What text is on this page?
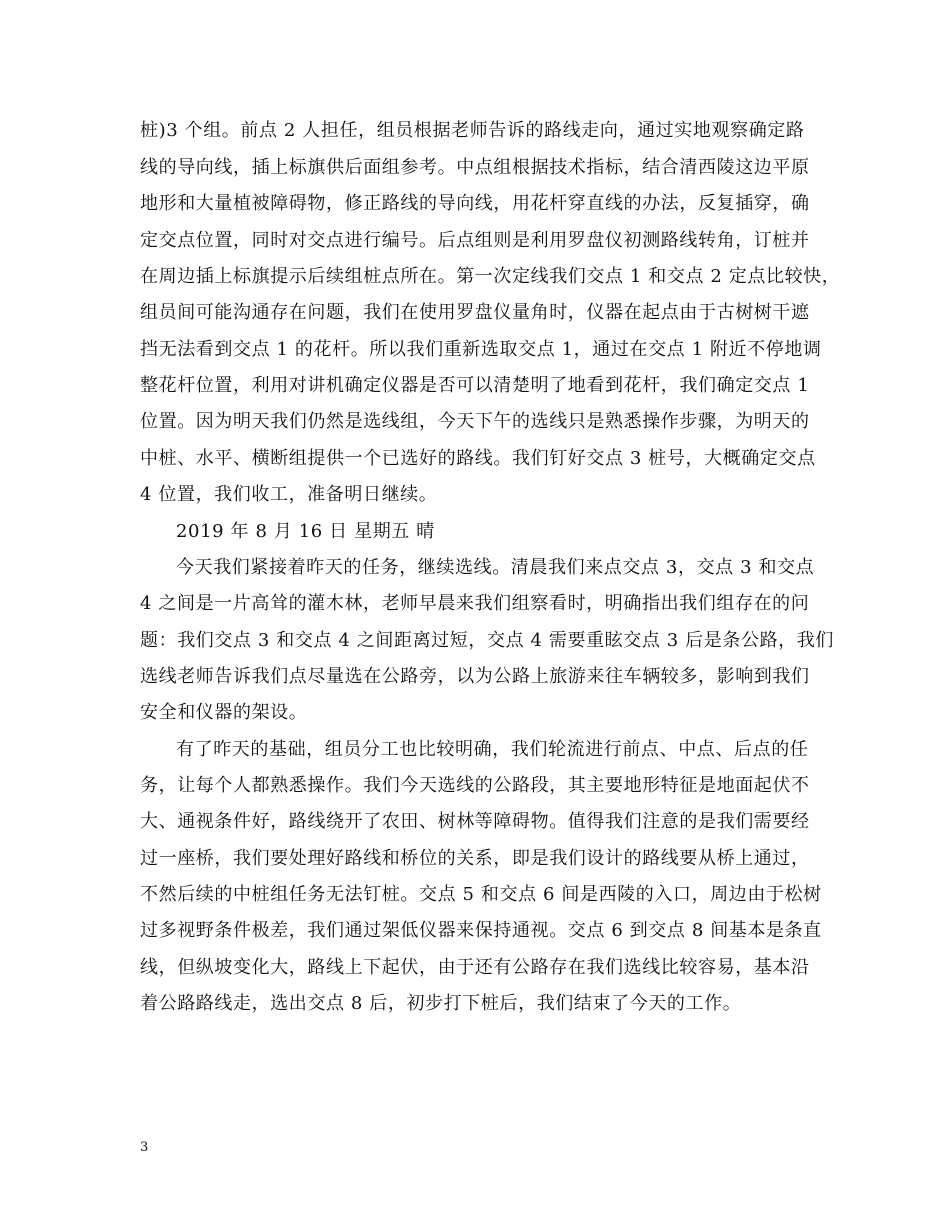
桩)3 个组。前点 2 人担任，组员根据老师告诉的路线走向，通过实地观察确定路
线的导向线，插上标旗供后面组参考。中点组根据技术指标，结合清西陵这边平原
地形和大量植被障碍物，修正路线的导向线，用花杆穿直线的办法，反复插穿，确
定交点位置，同时对交点进行编号。后点组则是利用罗盘仪初测路线转角，订桩并
在周边插上标旗提示后续组桩点所在。第一次定线我们交点 1 和交点 2 定点比较快，
组员间可能沟通存在问题，我们在使用罗盘仪量角时，仪器在起点由于古树树干遮
挡无法看到交点 1 的花杆。所以我们重新选取交点 1，通过在交点 1 附近不停地调
整花杆位置，利用对讲机确定仪器是否可以清楚明了地看到花杆，我们确定交点 1
位置。因为明天我们仍然是选线组，今天下午的选线只是熟悉操作步骤，为明天的
中桩、水平、横断组提供一个已选好的路线。我们钉好交点 3 桩号，大概确定交点
4 位置，我们收工，准备明日继续。
2019 年 8 月 16 日 星期五 晴
今天我们紧接着昨天的任务，继续选线。清晨我们来点交点 3，交点 3 和交点
4 之间是一片高耸的灌木林，老师早晨来我们组察看时，明确指出我们组存在的问
题：我们交点 3 和交点 4 之间距离过短，交点 4 需要重眩交点 3 后是条公路，我们
选线老师告诉我们点尽量选在公路旁，以为公路上旅游来往车辆较多，影响到我们
安全和仪器的架设。
有了昨天的基础，组员分工也比较明确，我们轮流进行前点、中点、后点的任
务，让每个人都熟悉操作。我们今天选线的公路段，其主要地形特征是地面起伏不
大、通视条件好，路线绕开了农田、树林等障碍物。值得我们注意的是我们需要经
过一座桥，我们要处理好路线和桥位的关系，即是我们设计的路线要从桥上通过，
不然后续的中桩组任务无法钉桩。交点 5 和交点 6 间是西陵的入口，周边由于松树
过多视野条件极差，我们通过架低仪器来保持通视。交点 6 到交点 8 间基本是条直
线，但纵坡变化大，路线上下起伏，由于还有公路存在我们选线比较容易，基本沿
着公路路线走，选出交点 8 后，初步打下桩后，我们结束了今天的工作。
3
